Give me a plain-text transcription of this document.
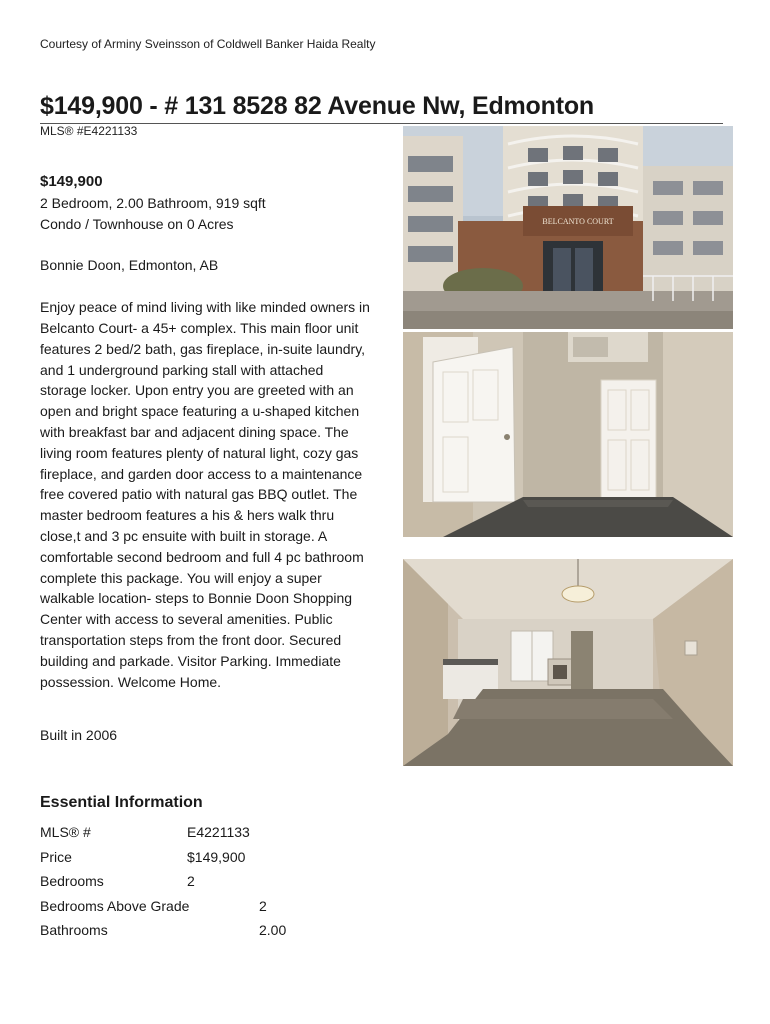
Courtesy of Arminy Sveinsson of Coldwell Banker Haida Realty
$149,900 - # 131 8528 82 Avenue Nw, Edmonton
MLS® #E4221133
$149,900
2 Bedroom, 2.00 Bathroom, 919 sqft
Condo / Townhouse on 0 Acres
Bonnie Doon, Edmonton, AB
Enjoy peace of mind living with like minded owners in Belcanto Court- a 45+ complex. This main floor unit features 2 bed/2 bath, gas fireplace, in-suite laundry, and 1 underground parking stall with attached storage locker. Upon entry you are greeted with an open and bright space featuring a u-shaped kitchen with breakfast bar and adjacent dining space. The living room features plenty of natural light, cozy gas fireplace, and garden door access to a maintenance free covered patio with natural gas BBQ outlet. The master bedroom features a his & hers walk thru close,t and 3 pc ensuite with built in storage. A comfortable second bedroom and full 4 pc bathroom complete this package. You will enjoy a super walkable location- steps to Bonnie Doon Shopping Center with access to several amenities. Public transportation steps from the front door. Secured building and parkade. Visitor Parking. Immediate possession. Welcome Home.
Built in 2006
Essential Information
MLS® #	E4221133
Price	$149,900
Bedrooms	2
Bedrooms Above Grade	2
Bathrooms	2.00
BELCANTO COURT
